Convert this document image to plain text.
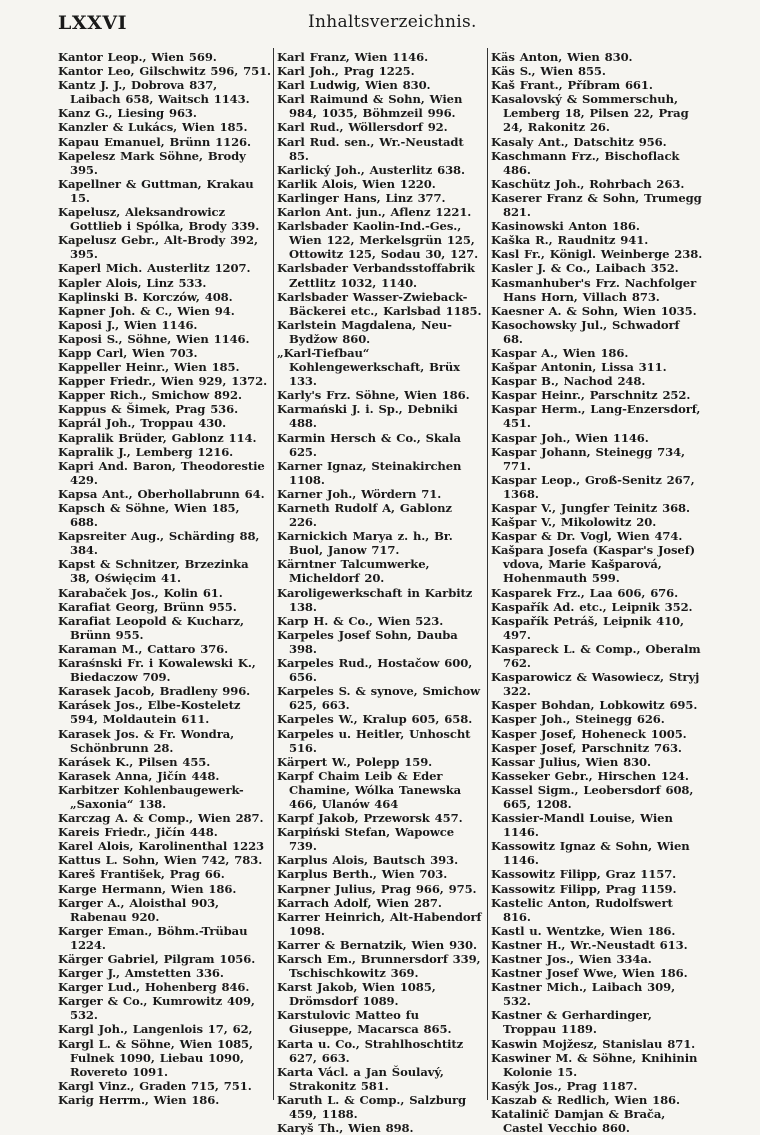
LXXVI	Inhaltsverzeichnis.
Kantor Leop., Wien 569.
Kantor Leo, Gilschwitz 596, 751.
Kantz J. J., Dobrova 837, Laibach 658, Waitsch 1143.
Kanz G., Liesing 963.
Kanzler & Lukács, Wien 185.
Kapau Emanuel, Brünn 1126.
Kapelesz Mark Söhne, Brody 395.
Kapellner & Guttman, Krakau 15.
Kapelusz, Aleksandrowicz Gottlieb i Spólka, Brody 339.
Kapelusz Gebr., Alt-Brody 392, 395.
Kaperl Mich. Austerlitz 1207.
Kapler Alois, Linz 533.
Kaplinski B. Korczów, 408.
Kapner Joh. & C., Wien 94.
Kaposi J., Wien 1146.
Kaposi S., Söhne, Wien 1146.
Kapp Carl, Wien 703.
Kappeller Heinr., Wien 185.
Kapper Friedr., Wien 929, 1372.
Kapper Rich., Smichow 892.
Kappus & Šimek, Prag 536.
Kaprál Joh., Troppau 430.
Kapralik Brüder, Gablonz 114.
Kapralik J., Lemberg 1216.
Kapri And. Baron, Theodorestie 429.
Kapsa Ant., Oberhollabrunn 64.
Kapsch & Söhne, Wien 185, 688.
Kapsreiter Aug., Schärding 88, 384.
Kapst & Schnitzer, Brzezinka 38, Oświęcim 41.
Karabaček Jos., Kolin 61.
Karafiat Georg, Brünn 955.
Karafiat Leopold & Kucharz, Brünn 955.
Karaman M., Cattaro 376.
Karaśnski Fr. i Kowalewski K., Biedaczow 709.
Karasek Jacob, Bradleny 996.
Karásek Jos., Elbe-Kosteletz 594, Moldautein 611.
Karasek Jos. & Fr. Wondra, Schönbrunn 28.
Karásek K., Pilsen 455.
Karasek Anna, Jičín 448.
Karbitzer Kohlenbaugewerk-„Saxonia“ 138.
Karczag A. & Comp., Wien 287.
Kareis Friedr., Jičín 448.
Karel Alois, Karolinenthal 1223
Kattus L. Sohn, Wien 742, 783.
Kareš František, Prag 66.
Karge Hermann, Wien 186.
Karger A., Aloisthal 903, Rabenau 920.
Karger Eman., Böhm.-Trübau 1224.
Kärger Gabriel, Pilgram 1056.
Karger J., Amstetten 336.
Karger Lud., Hohenberg 846.
Karger & Co., Kumrowitz 409, 532.
Kargl Joh., Langenlois 17, 62,
Kargl L. & Söhne, Wien 1085, Fulnek 1090, Liebau 1090, Rovereto 1091.
Kargl Vinz., Graden 715, 751.
Karig Herrm., Wien 186.
Karl Franz, Wien 1146.
Karl Joh., Prag 1225.
Karl Ludwig, Wien 830.
Karl Raimund & Sohn, Wien 984, 1035, Böhmzeil 996.
Karl Rud., Wöllersdorf 92.
Karl Rud. sen., Wr.-Neustadt 85.
Karlický Joh., Austerlitz 638.
Karlik Alois, Wien 1220.
Karlinger Hans, Linz 377.
Karlon Ant. jun., Aflenz 1221.
Karlsbader Kaolin-Ind.-Ges., Wien 122, Merkelsgrün 125, Ottowitz 125, Sodau 30, 127.
Karlsbader Verbandsstoffabrik Zettlitz 1032, 1140.
Karlsbader Wasser-Zwieback-Bäckerei etc., Karlsbad 1185.
Karlstein Magdalena, Neu-Bydžow 860.
„Karl-Tiefbau“ Kohlengewerkschaft, Brüx 133.
Karly's Frz. Söhne, Wien 186.
Karmański J. i. Sp., Debniki 488.
Karmin Hersch & Co., Skala 625.
Karner Ignaz, Steinakirchen 1108.
Karner Joh., Wördern 71.
Karneth Rudolf A, Gablonz 226.
Karnickich Marya z. h., Br. Buol, Janow 717.
Kärntner Talcumwerke, Micheldorf 20.
Karoligewerkschaft in Karbitz 138.
Karp H. & Co., Wien 523.
Karpeles Josef Sohn, Dauba 398.
Karpeles Rud., Hostačow 600, 656.
Karpeles S. & synove, Smichow 625, 663.
Karpeles W., Kralup 605, 658.
Karpeles u. Heitler, Unhoscht 516.
Kärpert W., Polepp 159.
Karpf Chaim Leib & Eder Chamine, Wólka Tanewska 466, Ulanów 464
Karpf Jakob, Przeworsk 457.
Karpiński Stefan, Wapowce 739.
Karplus Alois, Bautsch 393.
Karplus Berth., Wien 703.
Karpner Julius, Prag 966, 975.
Karrach Adolf, Wien 287.
Karrer Heinrich, Alt-Habendorf 1098.
Karrer & Bernatzik, Wien 930.
Karsch Em., Brunnersdorf 339, Tschischkowitz 369.
Karst Jakob, Wien 1085, Drömsdorf 1089.
Karstulovic Matteo fu Giuseppe, Macarsca 865.
Karta u. Co., Strahlhoschtitz 627, 663.
Karta Václ. a Jan Šoulavý, Strakonitz 581.
Karuth L. & Comp., Salzburg 459, 1188.
Karyš Th., Wien 898.
Käs Anton, Wien 830.
Käs S., Wien 855.
Kaš Frant., Příbram 661.
Kasalovský & Sommerschuh, Lemberg 18, Pilsen 22, Prag 24, Rakonitz 26.
Kasaly Ant., Datschitz 956.
Kaschmann Frz., Bischoflack 486.
Kaschütz Joh., Rohrbach 263.
Kaserer Franz & Sohn, Trumegg 821.
Kasinowski Anton 186.
Kaška R., Raudnitz 941.
Kasl Fr., Königl. Weinberge 238.
Kasler J. & Co., Laibach 352.
Kasmanhuber's Frz. Nachfolger Hans Horn, Villach 873.
Kaesner A. & Sohn, Wien 1035.
Kasochowsky Jul., Schwadorf 68.
Kaspar A., Wien 186.
Kašpar Antonin, Lissa 311.
Kaspar B., Nachod 248.
Kaspar Heinr., Parschnitz 252.
Kaspar Herm., Lang-Enzersdorf, 451.
Kaspar Joh., Wien 1146.
Kaspar Johann, Steinegg 734, 771.
Kaspar Leop., Groß-Senitz 267, 1368.
Kaspar V., Jungfer Teinitz 368.
Kašpar V., Mikolowitz 20.
Kaspar & Dr. Vogl, Wien 474.
Kašpara Josefa (Kaspar's Josef) vdova, Marie Kašparová, Hohenmauth 599.
Kasparek Frz., Laa 606, 676.
Kaspařík Ad. etc., Leipnik 352.
Kaspařík Petráš, Leipnik 410, 497.
Kaspareck L. & Comp., Oberalm 762.
Kasparowicz & Wasowiecz, Stryj 322.
Kasper Bohdan, Lobkowitz 695.
Kasper Joh., Steinegg 626.
Kasper Josef, Hoheneck 1005.
Kasper Josef, Parschnitz 763.
Kassar Julius, Wien 830.
Kasseker Gebr., Hirschen 124.
Kassel Sigm., Leobersdorf 608, 665, 1208.
Kassier-Mandl Louise, Wien 1146.
Kassowitz Ignaz & Sohn, Wien 1146.
Kassowitz Filipp, Graz 1157.
Kassowitz Filipp, Prag 1159.
Kastelic Anton, Rudolfswert 816.
Kastl u. Wentzke, Wien 186.
Kastner H., Wr.-Neustadt 613.
Kastner Jos., Wien 334a.
Kastner Josef Wwe, Wien 186.
Kastner Mich., Laibach 309, 532.
Kastner & Gerhardinger, Troppau 1189.
Kaswin Mojžesz, Stanislau 871.
Kaswiner M. & Söhne, Knihinin Kolonie 15.
Kasýk Jos., Prag 1187.
Kaszab & Redlich, Wien 186.
Katalinič Damjan & Brača, Castel Vecchio 860.
